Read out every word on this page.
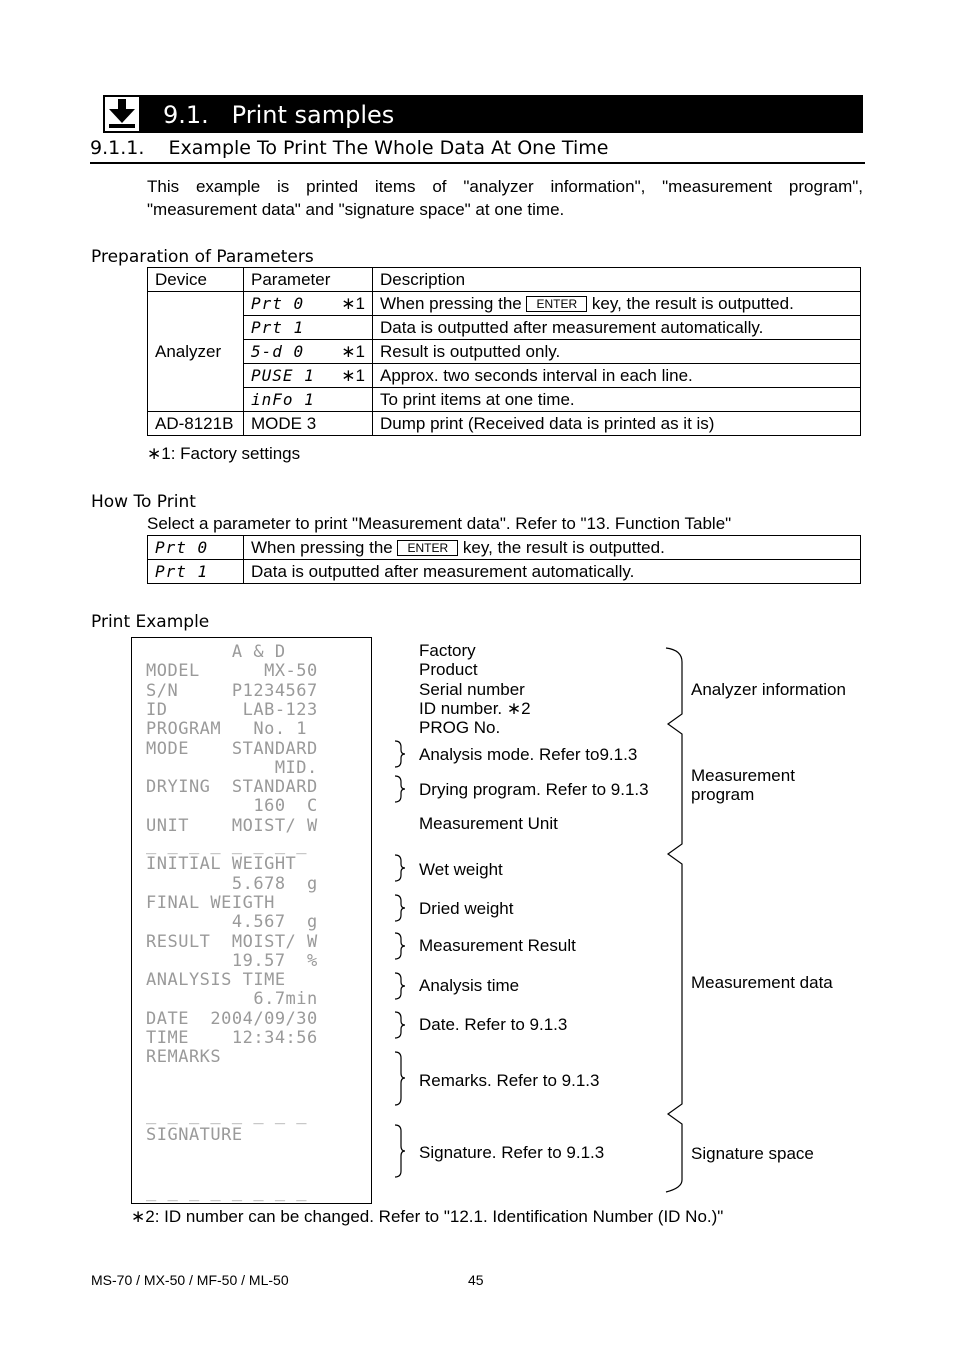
9.1.   Print samples
9.1.1.    Example To Print The Whole Data At One Time
This example is printed items of "analyzer information", "measurement program", "measurement data" and "signature space" at one time.
Preparation of Parameters
Device	Parameter	Description
Analyzer	Prt 0 ∗1	When pressing the ENTER key, the result is outputted.
	Prt 1	Data is outputted after measurement automatically.
	5-d 0 ∗1	Result is outputted only.
	PUSE 1 ∗1	Approx. two seconds interval in each line.
	inFo 1	To print items at one time.
AD-8121B	MODE 3	Dump print (Received data is printed as it is)
∗1: Factory settings
How To Print
Select a parameter to print "Measurement data". Refer to "13. Function Table"
Prt 0	When pressing the ENTER key, the result is outputted.
Prt 1	Data is outputted after measurement automatically.
Print Example
A & D
MODEL      MX-50
S/N     P1234567
ID       LAB-123
PROGRAM   No. 1
MODE    STANDARD
MID.
DRYING  STANDARD
160  C
UNIT    MOIST/ W
_ _ _ _ _ _ _ _
INITIAL WEIGHT
5.678  g
FINAL WEIGTH
4.567  g
RESULT  MOIST/ W
19.57  %
ANALYSIS TIME
6.7min
DATE  2004/09/30
TIME    12:34:56
REMARKS
_ _ _ _ _ _ _ _
SIGNATURE
_ _ _ _ _ _ _ _
Factory
Product
Serial number
ID number. ∗2
PROG No.
Analysis mode. Refer to9.1.3
Drying program. Refer to 9.1.3
Measurement Unit
Wet weight
Dried weight
Measurement Result
Analysis time
Date. Refer to 9.1.3
Remarks. Refer to 9.1.3
Signature. Refer to 9.1.3
Analyzer information
Measurement
program
Measurement data
Signature space
∗2: ID number can be changed. Refer to "12.1. Identification Number (ID No.)"
MS-70 / MX-50 / MF-50 / ML-50	45
